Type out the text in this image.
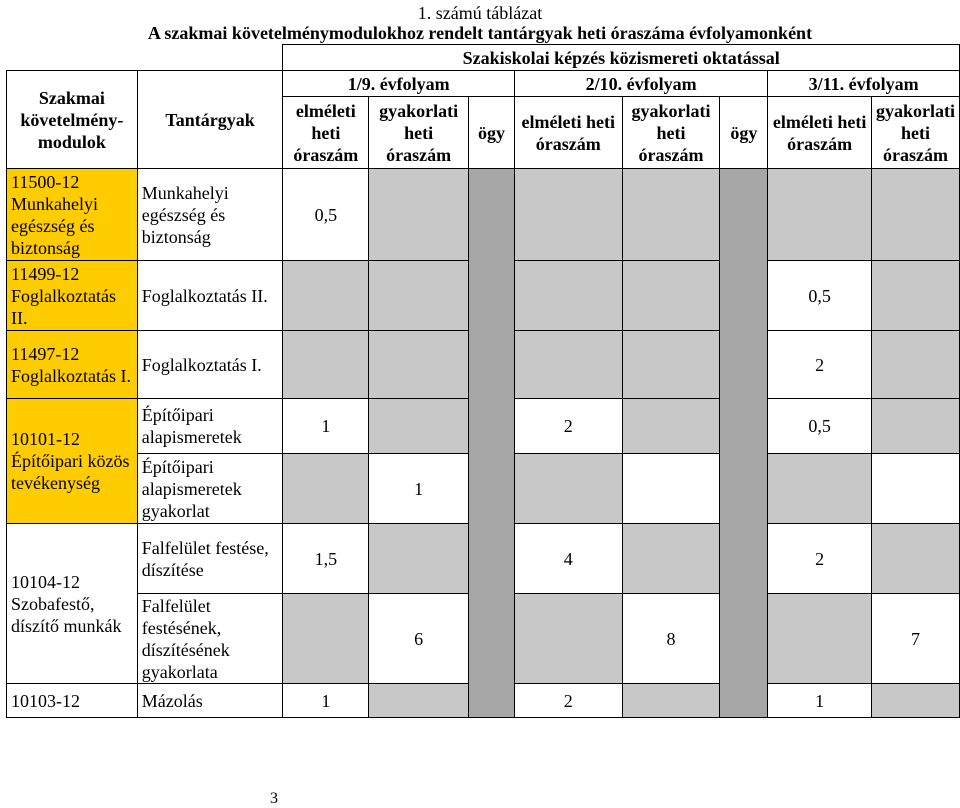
1. számú táblázat
A szakmai követelménymodulokhoz rendelt tantárgyak heti óraszáma évfolyamonként
		Szakiskolai képzés közismereti oktatással							
Szakmai követelmény-modulok	Tantárgyak	1/9. évfolyam			2/10. évfolyam			3/11. évfolyam	
		elméleti heti óraszám	gyakorlati heti óraszám	ögy	elméleti heti óraszám	gyakorlati heti óraszám	ögy	elméleti heti óraszám	gyakorlati heti óraszám
11500-12 Munkahelyi egészség és biztonság	Munkahelyi egészség és biztonság	0,5							
11499-12 Foglalkoztatás II.	Foglalkoztatás II.							0,5	
11497-12 Foglalkoztatás I.	Foglalkoztatás I.							2	
10101-12 Építőipari közös tevékenység	Építőipari alapismeretek	1			2			0,5	
	Építőipari alapismeretek gyakorlat		1						
10104-12 Szobafestő, díszítő munkák	Falfelület festése, díszítése	1,5			4			2	
	Falfelület festésének, díszítésének gyakorlata		6			8			7
10103-12	Mázolás	1			2			1	
3
